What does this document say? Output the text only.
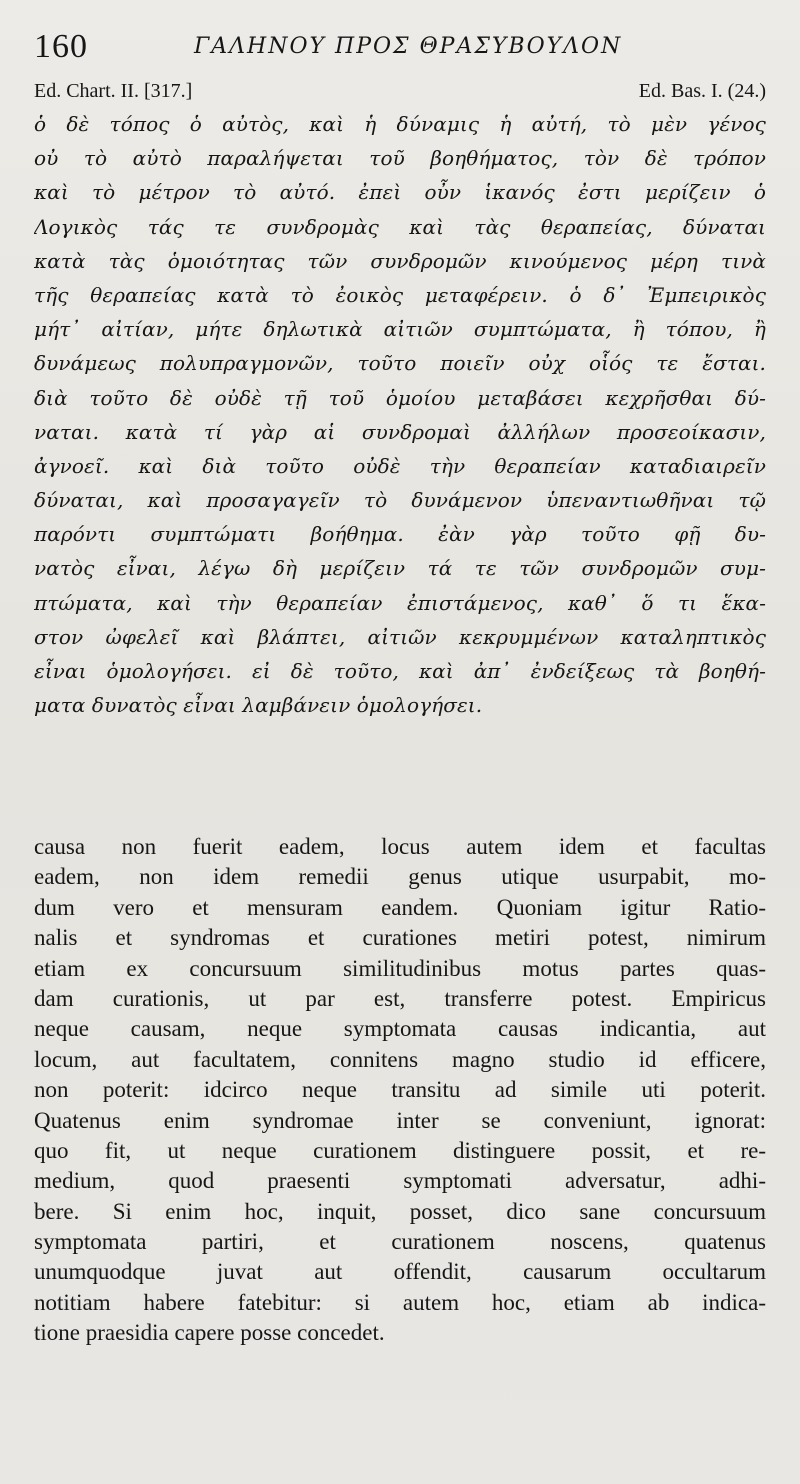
160	ΓΑΛΗΝΟΥ ΠΡΟΣ ΘΡΑΣΥΒΟΥΛΟΝ
Ed. Chart. II. [317.]	Ed. Bas. I. (24.)
ὁ δὲ τόπος ὁ αὐτὸς, καὶ ἡ δύναμις ἡ αὐτή, τὸ μὲν γένος
οὐ τὸ αὐτὸ παραλήψεται τοῦ βοηθήματος, τὸν δὲ τρόπον
καὶ τὸ μέτρον τὸ αὐτό. ἐπεὶ οὖν ἱκανός ἐστι μερίζειν ὁ
Λογικὸς τάς τε συνδρομὰς καὶ τὰς θεραπείας, δύναται
κατὰ τὰς ὁμοιότητας τῶν συνδρομῶν κινούμενος μέρη τινὰ
τῆς θεραπείας κατὰ τὸ ἐοικὸς μεταφέρειν. ὁ δ᾽ Ἐμπειρικὸς
μήτ᾽ αἰτίαν, μήτε δηλωτικὰ αἰτιῶν συμπτώματα, ἢ τόπου, ἢ
δυνάμεως πολυπραγμονῶν, τοῦτο ποιεῖν οὐχ οἷός τε ἔσται.
διὰ τοῦτο δὲ οὐδὲ τῇ τοῦ ὁμοίου μεταβάσει κεχρῆσθαι δύ-
ναται. κατὰ τί γὰρ αἱ συνδρομαὶ ἀλλήλων προσεοίκασιν,
ἀγνοεῖ. καὶ διὰ τοῦτο οὐδὲ τὴν θεραπείαν καταδιαιρεῖν
δύναται, καὶ προσαγαγεῖν τὸ δυνάμενον ὑπεναντιωθῆναι τῷ
παρόντι συμπτώματι βοήθημα. ἐὰν γὰρ τοῦτο φῇ δυ-
νατὸς εἶναι, λέγω δὴ μερίζειν τά τε τῶν συνδρομῶν συμ-
πτώματα, καὶ τὴν θεραπείαν ἐπιστάμενος, καθ᾽ ὅ τι ἕκα-
στον ὠφελεῖ καὶ βλάπτει, αἰτιῶν κεκρυμμένων καταληπτικὸς
εἶναι ὁμολογήσει. εἰ δὲ τοῦτο, καὶ ἀπ᾽ ἐνδείξεως τὰ βοηθή-
ματα δυνατὸς εἶναι λαμβάνειν ὁμολογήσει.
causa non fuerit eadem, locus autem idem et facultas
eadem, non idem remedii genus utique usurpabit, mo-
dum vero et mensuram eandem. Quoniam igitur Ratio-
nalis et syndromas et curationes metiri potest, nimirum
etiam ex concursuum similitudinibus motus partes quas-
dam curationis, ut par est, transferre potest. Empiricus
neque causam, neque symptomata causas indicantia, aut
locum, aut facultatem, connitens magno studio id efficere,
non poterit: idcirco neque transitu ad simile uti poterit.
Quatenus enim syndromae inter se conveniunt, ignorat:
quo fit, ut neque curationem distinguere possit, et re-
medium, quod praesenti symptomati adversatur, adhi-
bere. Si enim hoc, inquit, posset, dico sane concursuum
symptomata partiri, et curationem noscens, quatenus
unumquodque juvat aut offendit, causarum occultarum
notitiam habere fatebitur: si autem hoc, etiam ab indica-
tione praesidia capere posse concedet.
